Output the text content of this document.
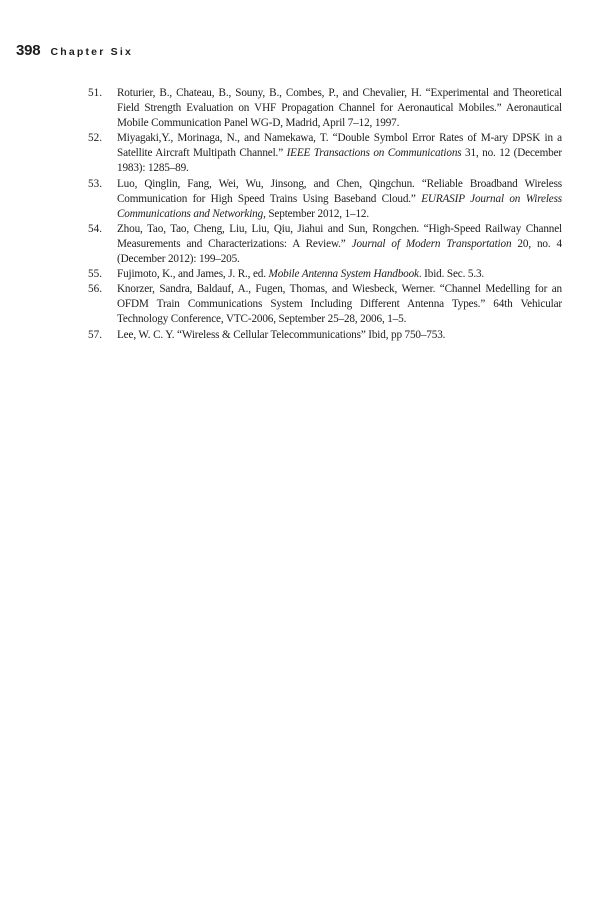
398 Chapter Six
51.	Roturier, B., Chateau, B., Souny, B., Combes, P., and Chevalier, H. “Experimental and Theoretical Field Strength Evaluation on VHF Propagation Channel for Aeronautical Mobiles.” Aeronautical Mobile Communication Panel WG-D, Madrid, April 7–12, 1997.
52.	Miyagaki,Y., Morinaga, N., and Namekawa, T. “Double Symbol Error Rates of M-ary DPSK in a Satellite Aircraft Multipath Channel.” IEEE Transactions on Communications 31, no. 12 (December 1983): 1285–89.
53.	Luo, Qinglin, Fang, Wei, Wu, Jinsong, and Chen, Qingchun. “Reliable Broadband Wireless Communication for High Speed Trains Using Baseband Cloud.” EURASIP Journal on Wireless Communications and Networking, September 2012, 1–12.
54.	Zhou, Tao, Tao, Cheng, Liu, Liu, Qiu, Jiahui and Sun, Rongchen. “High-Speed Railway Channel Measurements and Characterizations: A Review.” Journal of Modern Transportation 20, no. 4 (December 2012): 199–205.
55.	Fujimoto, K., and James, J. R., ed. Mobile Antenna System Handbook. Ibid. Sec. 5.3.
56.	Knorzer, Sandra, Baldauf, A., Fugen, Thomas, and Wiesbeck, Werner. “Channel Medelling for an OFDM Train Communications System Including Different Antenna Types.” 64th Vehicular Technology Conference, VTC-2006, September 25–28, 2006, 1–5.
57.	Lee, W. C. Y. “Wireless & Cellular Telecommunications” Ibid, pp 750–753.
